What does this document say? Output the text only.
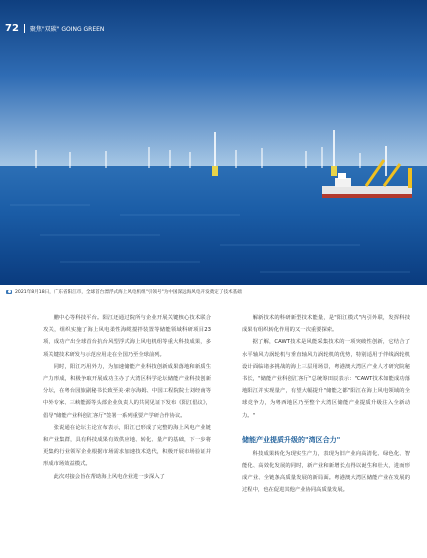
72 聚焦"双碳" GOING GREEN
2021年8月18日，广东省阳江市，全球首台漂浮式海上风电机组"引领号"为中国深远海风电开发奠定了技术基础

鹏中心等科技平台。阳江还通过院所与企业开展关键核心技术联合攻关，组织实施了海上风电柔性海缆搅拌装置等储能领域科研项目23项，成功产出全球首台抗台风型浮式海上风电机组等重大科技成果，多项关键技术研发与示范应用走在全国乃至全球前列。

同时，阳江巧用外力，为加速储能产业科技创新成果落地和新质生产力形成，积极争取开展成功主办了大湾区科学论坛储能产业科技创新分坛，在粤台园旅副秘书长致至美·索尔海姆、中国工程院院士刘经南等中外专家、三峡能源等头部企业负责人的共同见证下发布《阳江倡议》，倡导"储能产业科创汇客厅"签署一系列重要产学研合作协议。

张说通在论坛主论宣布表示，阳江已形成了完整的海上风电产业链和产业集群，具有科技成果有效供应地、转化、量产的基础，下一步将更集约行业领军企业根据市场需求加速技术迭代，积极开展市场验证并形成市场效益模式。

此次对接会旨在帮助海上风电企业进一步深入了

解新技术的科研新型技术能量，是"阳江模式"内引外联，发挥科技成果有组织转化作用的又一次重要探索。

据了解，CAWT技术是风能采集技术的一项突破性创新，它结合了水平轴风力涡轮机与垂直轴风力涡轮机的优势，特别适用于伴线涡轮机设计面临诸多挑战的海上三层用场景，粤港澳大湾区产业人才研究院秘书长，"储能产业科创汇客厅"总统筹田辰表示："CAWT技术如能成功落地阳江并实现量产，有望大幅提升"储能之都"阳江在海上风电领域的全球竞争力，为粤西地区乃至整个大湾区储能产业提质升级注入全新动力。"

储能产业提质升级的"湾区合力"

科技成果转化为现实生产力，表现为旧产业向高清化、绿色化、智能化、高效化发展的同时，新产业和新增长点得以诞生和壮大，进而形成产业、全链条高质量发展的新局面。粤港澳大湾区储能产业在发展的过程中，也在促进其他产业协同高质量发展。
